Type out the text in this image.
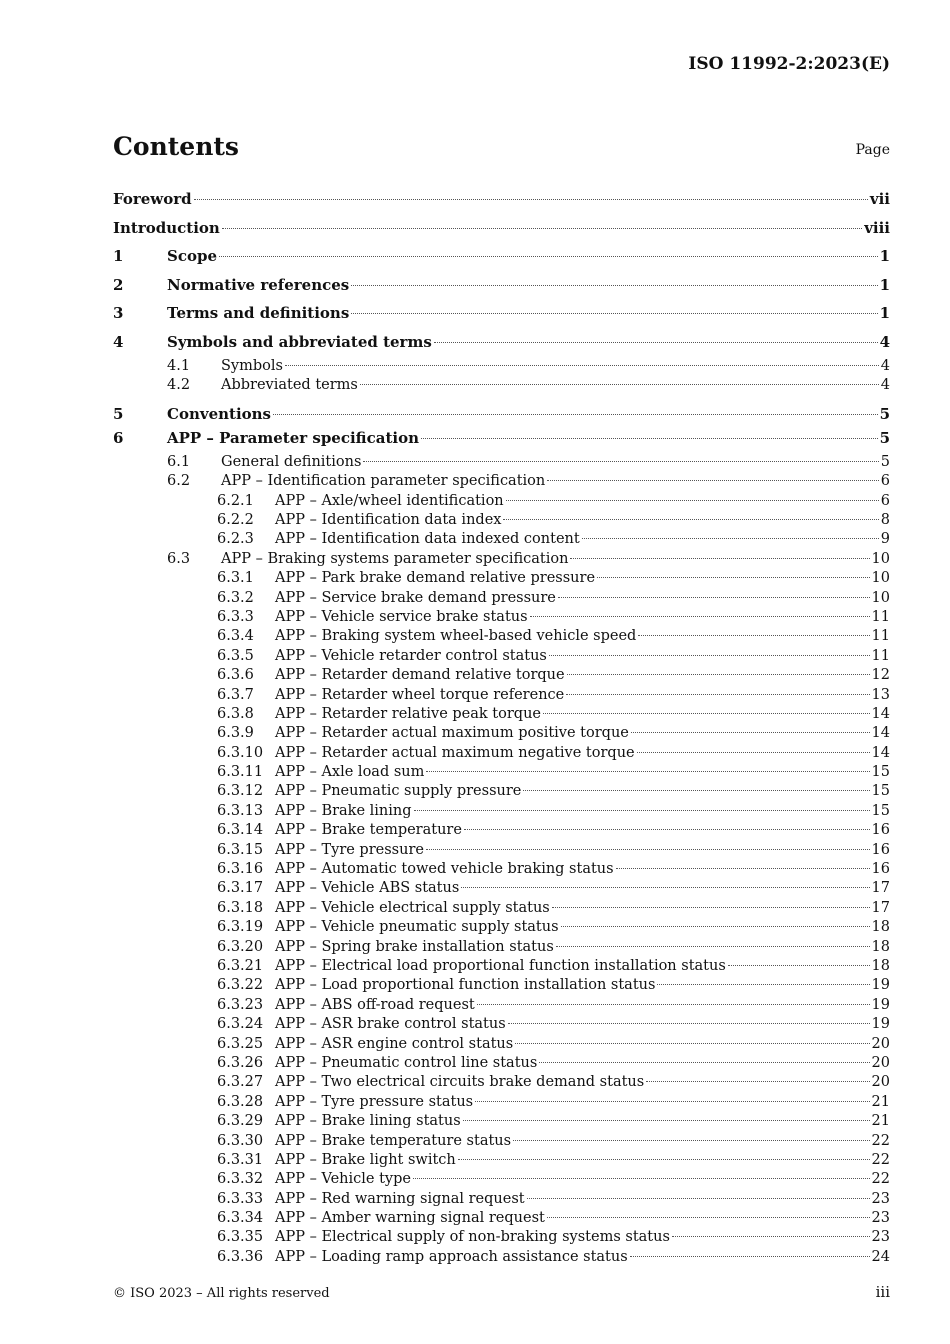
ISO 11992-2:2023(E)
Contents	Page
Foreword	vii
Introduction	viii
1	Scope	1
2	Normative references	1
3	Terms and definitions	1
4	Symbols and abbreviated terms	4
4.1	Symbols	4
4.2	Abbreviated terms	4
5	Conventions	5
6	APP – Parameter specification	5
6.1	General definitions	5
6.2	APP – Identification parameter specification	6
6.2.1	APP – Axle/wheel identification	6
6.2.2	APP – Identification data index	8
6.2.3	APP – Identification data indexed content	9
6.3	APP – Braking systems parameter specification	10
6.3.1	APP – Park brake demand relative pressure	10
6.3.2	APP – Service brake demand pressure	10
6.3.3	APP – Vehicle service brake status	11
6.3.4	APP – Braking system wheel-based vehicle speed	11
6.3.5	APP – Vehicle retarder control status	11
6.3.6	APP – Retarder demand relative torque	12
6.3.7	APP – Retarder wheel torque reference	13
6.3.8	APP – Retarder relative peak torque	14
6.3.9	APP – Retarder actual maximum positive torque	14
6.3.10 APP – Retarder actual maximum negative torque	14
6.3.11 APP – Axle load sum	15
6.3.12 APP – Pneumatic supply pressure	15
6.3.13 APP – Brake lining	15
6.3.14 APP – Brake temperature	16
6.3.15 APP – Tyre pressure	16
6.3.16 APP – Automatic towed vehicle braking status	16
6.3.17 APP – Vehicle ABS status	17
6.3.18 APP – Vehicle electrical supply status	17
6.3.19 APP – Vehicle pneumatic supply status	18
6.3.20 APP – Spring brake installation status	18
6.3.21 APP – Electrical load proportional function installation status	18
6.3.22 APP – Load proportional function installation status	19
6.3.23 APP – ABS off-road request	19
6.3.24 APP – ASR brake control status	19
6.3.25 APP – ASR engine control status	20
6.3.26 APP – Pneumatic control line status	20
6.3.27 APP – Two electrical circuits brake demand status	20
6.3.28 APP – Tyre pressure status	21
6.3.29 APP – Brake lining status	21
6.3.30 APP – Brake temperature status	22
6.3.31 APP – Brake light switch	22
6.3.32 APP – Vehicle type	22
6.3.33 APP – Red warning signal request	23
6.3.34 APP – Amber warning signal request	23
6.3.35 APP – Electrical supply of non-braking systems status	23
6.3.36 APP – Loading ramp approach assistance status	24
© ISO 2023 – All rights reserved	iii
